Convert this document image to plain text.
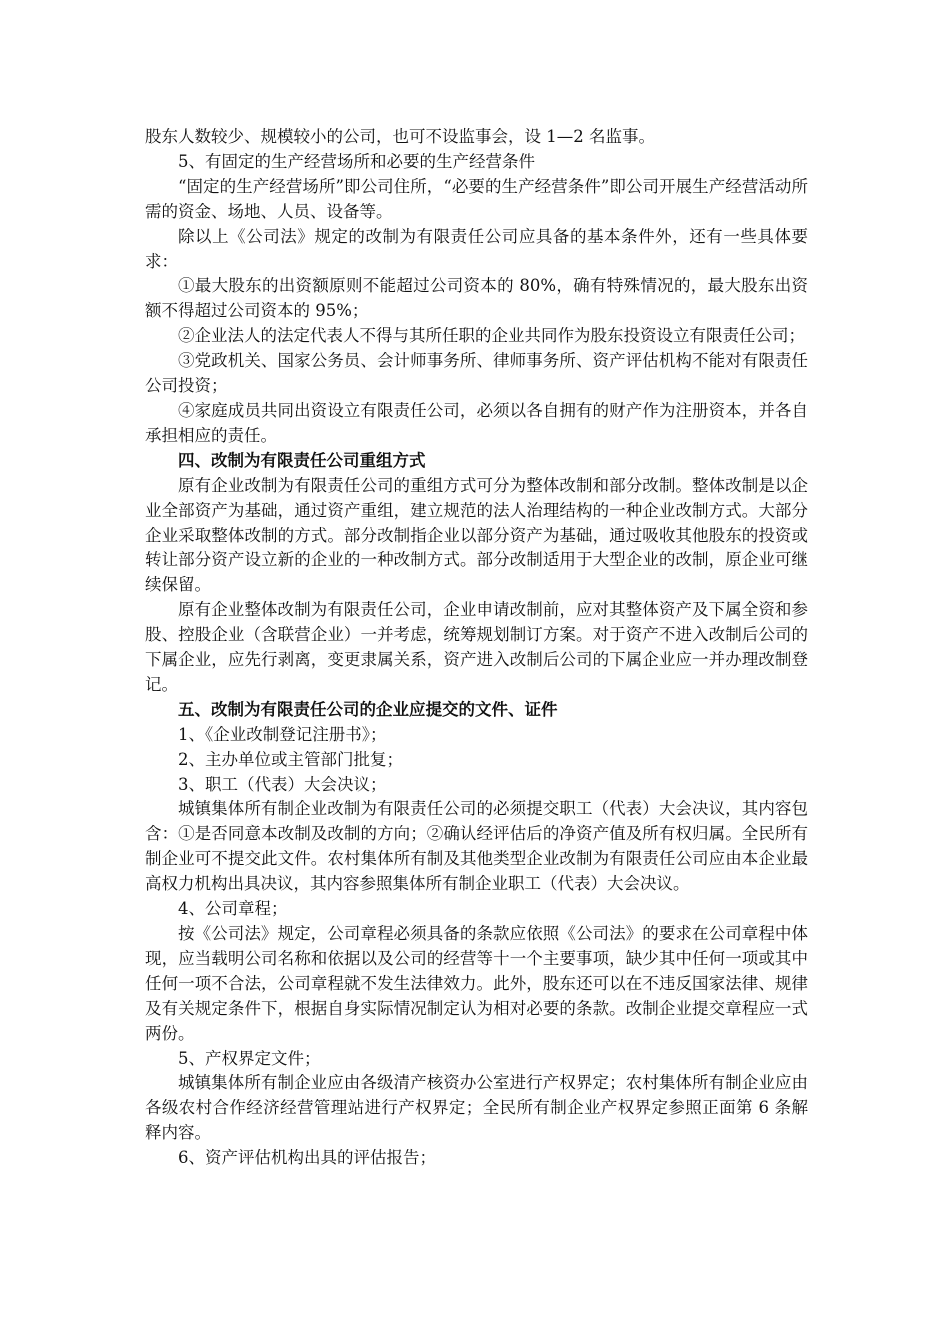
股东人数较少、规模较小的公司，也可不设监事会，设 1—2 名监事。

5、有固定的生产经营场所和必要的生产经营条件

“固定的生产经营场所”即公司住所，“必要的生产经营条件”即公司开展生产经营活动所需的资金、场地、人员、设备等。

除以上《公司法》规定的改制为有限责任公司应具备的基本条件外，还有一些具体要求：

①最大股东的出资额原则不能超过公司资本的 80%，确有特殊情况的，最大股东出资额不得超过公司资本的 95%；

②企业法人的法定代表人不得与其所任职的企业共同作为股东投资设立有限责任公司；

③党政机关、国家公务员、会计师事务所、律师事务所、资产评估机构不能对有限责任公司投资；

④家庭成员共同出资设立有限责任公司，必须以各自拥有的财产作为注册资本，并各自承担相应的责任。

四、改制为有限责任公司重组方式

原有企业改制为有限责任公司的重组方式可分为整体改制和部分改制。整体改制是以企业全部资产为基础，通过资产重组，建立规范的法人治理结构的一种企业改制方式。大部分企业采取整体改制的方式。部分改制指企业以部分资产为基础，通过吸收其他股东的投资或转让部分资产设立新的企业的一种改制方式。部分改制适用于大型企业的改制，原企业可继续保留。

原有企业整体改制为有限责任公司，企业申请改制前，应对其整体资产及下属全资和参股、控股企业（含联营企业）一并考虑，统筹规划制订方案。对于资产不进入改制后公司的下属企业，应先行剥离，变更隶属关系，资产进入改制后公司的下属企业应一并办理改制登记。

五、改制为有限责任公司的企业应提交的文件、证件

1、《企业改制登记注册书》；

2、主办单位或主管部门批复；

3、职工（代表）大会决议；

城镇集体所有制企业改制为有限责任公司的必须提交职工（代表）大会决议，其内容包含：①是否同意本改制及改制的方向；②确认经评估后的净资产值及所有权归属。全民所有制企业可不提交此文件。农村集体所有制及其他类型企业改制为有限责任公司应由本企业最高权力机构出具决议，其内容参照集体所有制企业职工（代表）大会决议。

4、公司章程；

按《公司法》规定，公司章程必须具备的条款应依照《公司法》的要求在公司章程中体现，应当载明公司名称和依据以及公司的经营等十一个主要事项，缺少其中任何一项或其中任何一项不合法，公司章程就不发生法律效力。此外，股东还可以在不违反国家法律、规律及有关规定条件下，根据自身实际情况制定认为相对必要的条款。改制企业提交章程应一式两份。

5、产权界定文件；

城镇集体所有制企业应由各级清产核资办公室进行产权界定；农村集体所有制企业应由各级农村合作经济经营管理站进行产权界定；全民所有制企业产权界定参照正面第 6 条解释内容。

6、资产评估机构出具的评估报告；
